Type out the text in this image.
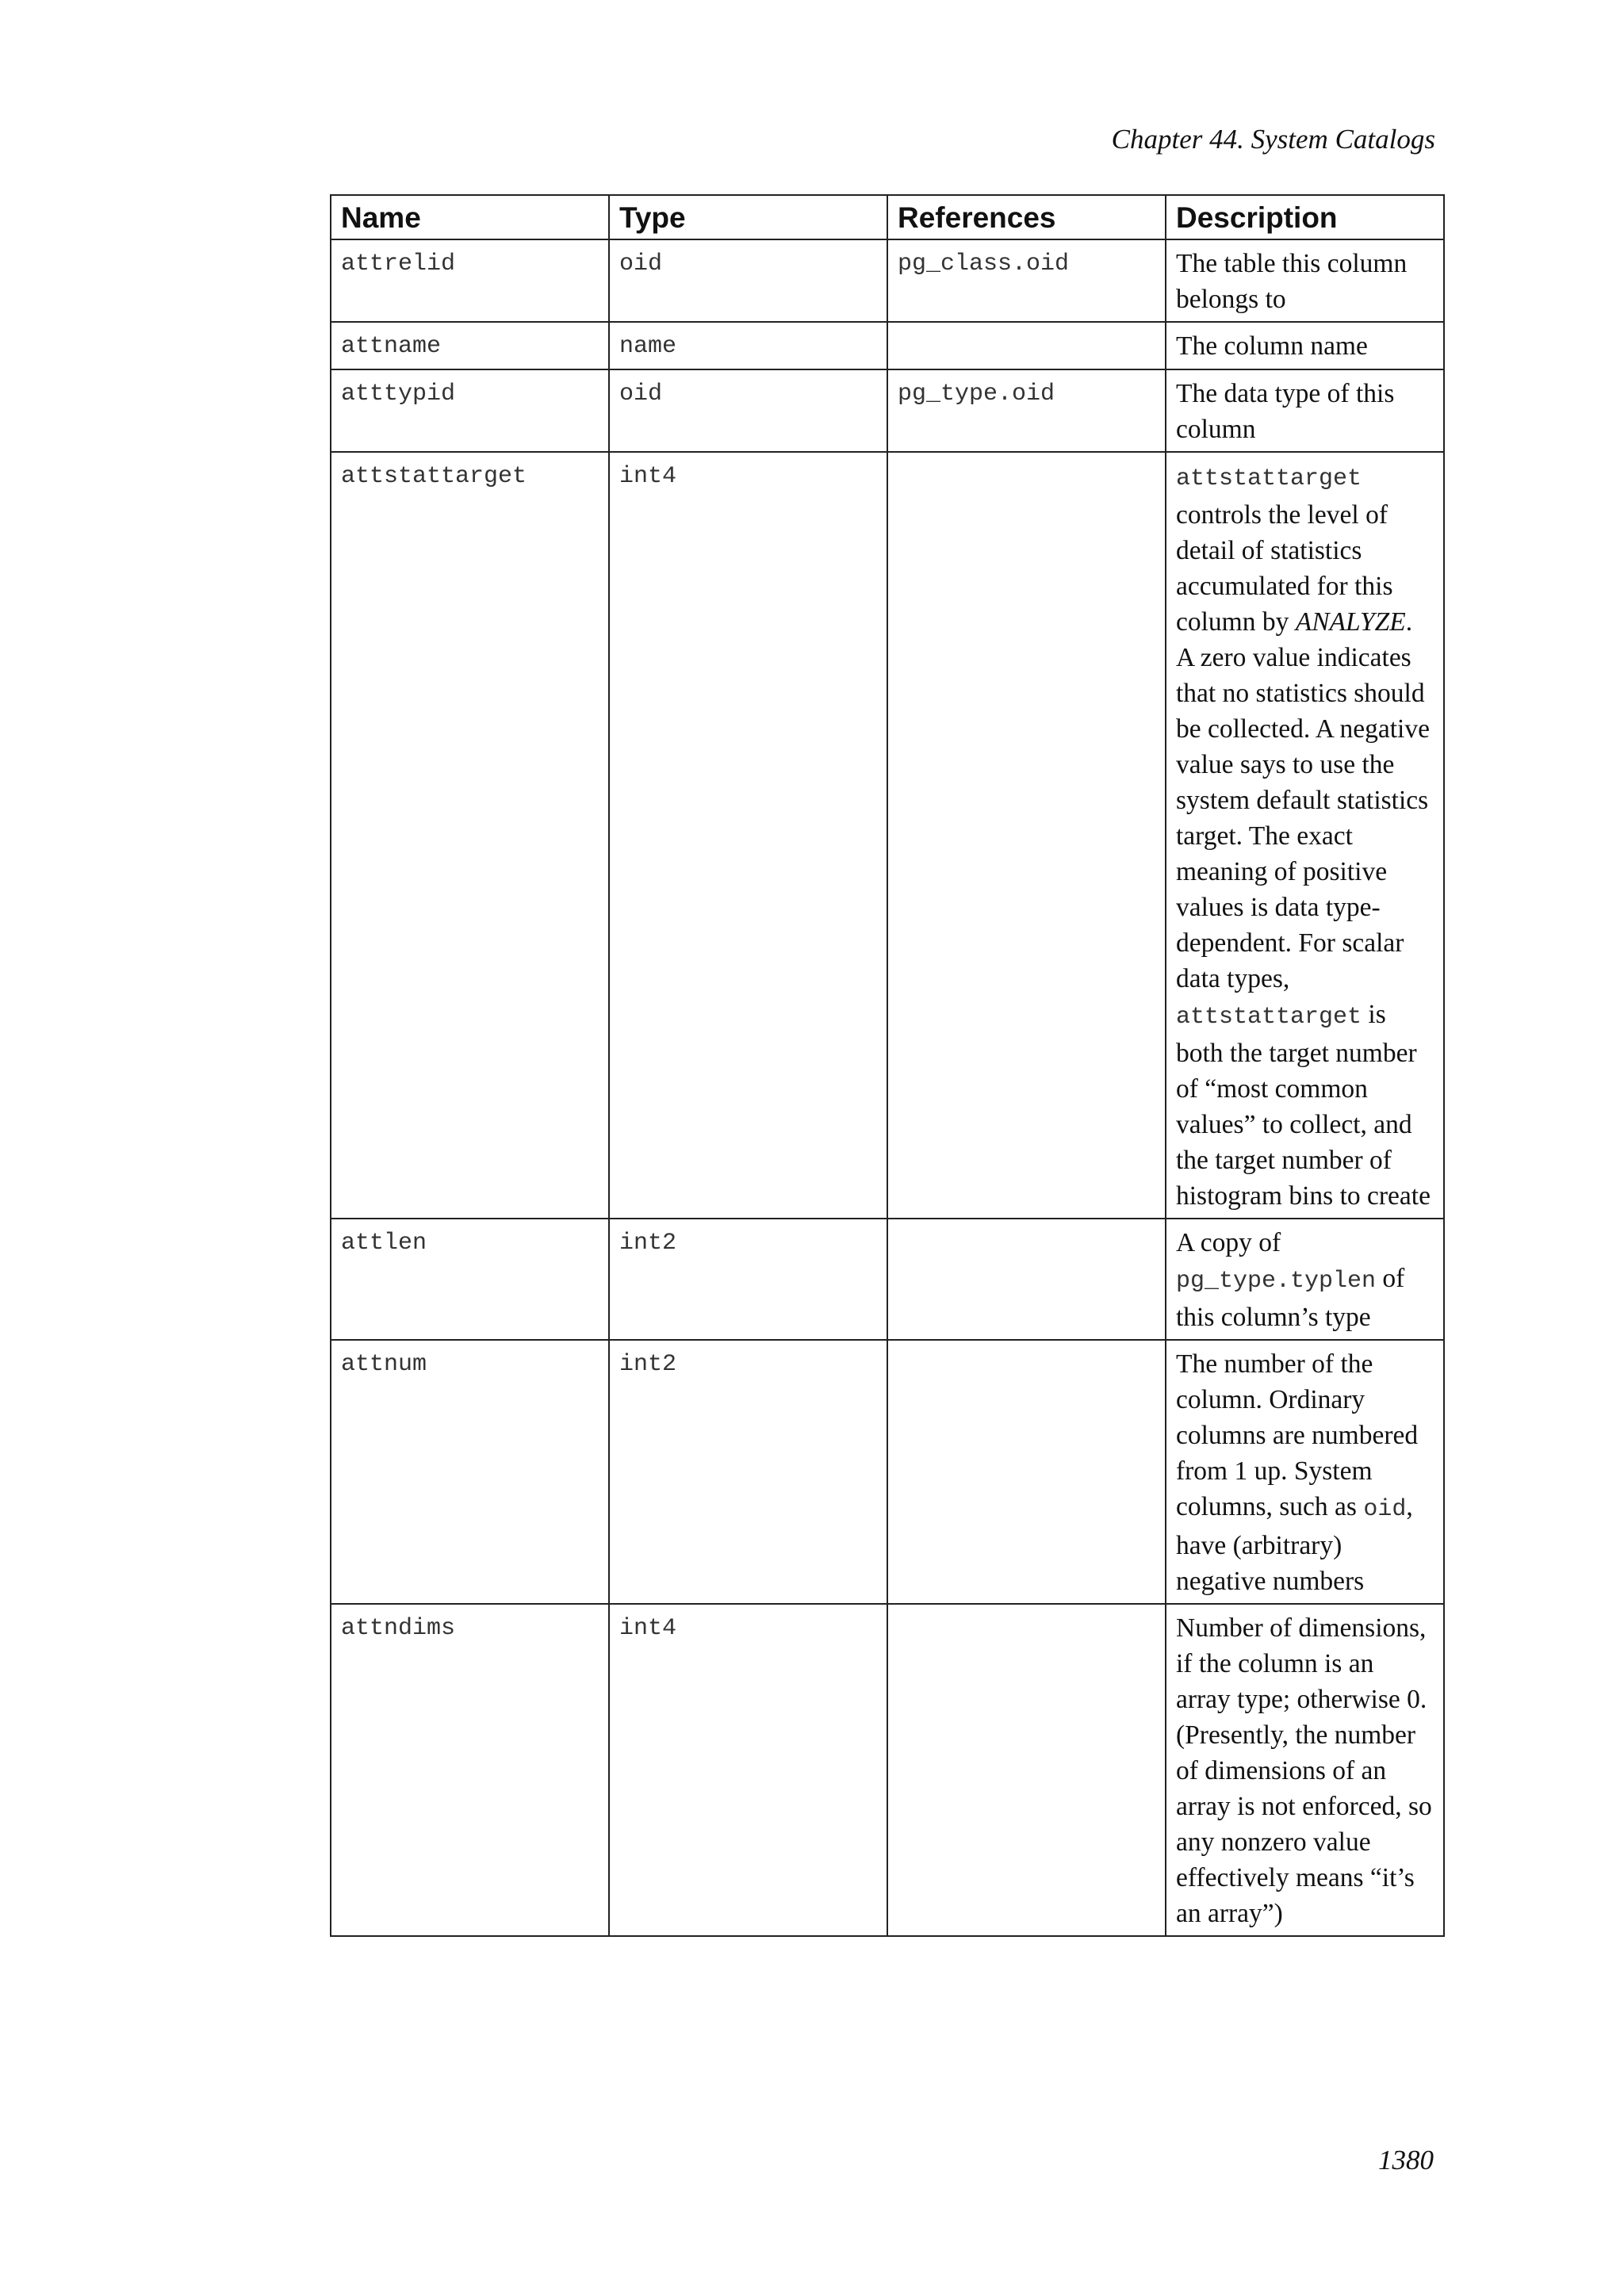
Chapter 44. System Catalogs
Name	Type	References	Description
attrelid	oid	pg_class.oid	The table this column belongs to
attname	name		The column name
atttypid	oid	pg_type.oid	The data type of this column
attstattarget	int4		attstattarget controls the level of detail of statistics accumulated for this column by ANALYZE. A zero value indicates that no statistics should be collected. A negative value says to use the system default statistics target. The exact meaning of positive values is data type-dependent. For scalar data types, attstattarget is both the target number of “most common values” to collect, and the target number of histogram bins to create
attlen	int2		A copy of pg_type.typlen of this column’s type
attnum	int2		The number of the column. Ordinary columns are numbered from 1 up. System columns, such as oid, have (arbitrary) negative numbers
attndims	int4		Number of dimensions, if the column is an array type; otherwise 0. (Presently, the number of dimensions of an array is not enforced, so any nonzero value effectively means “it’s an array”)
1380
